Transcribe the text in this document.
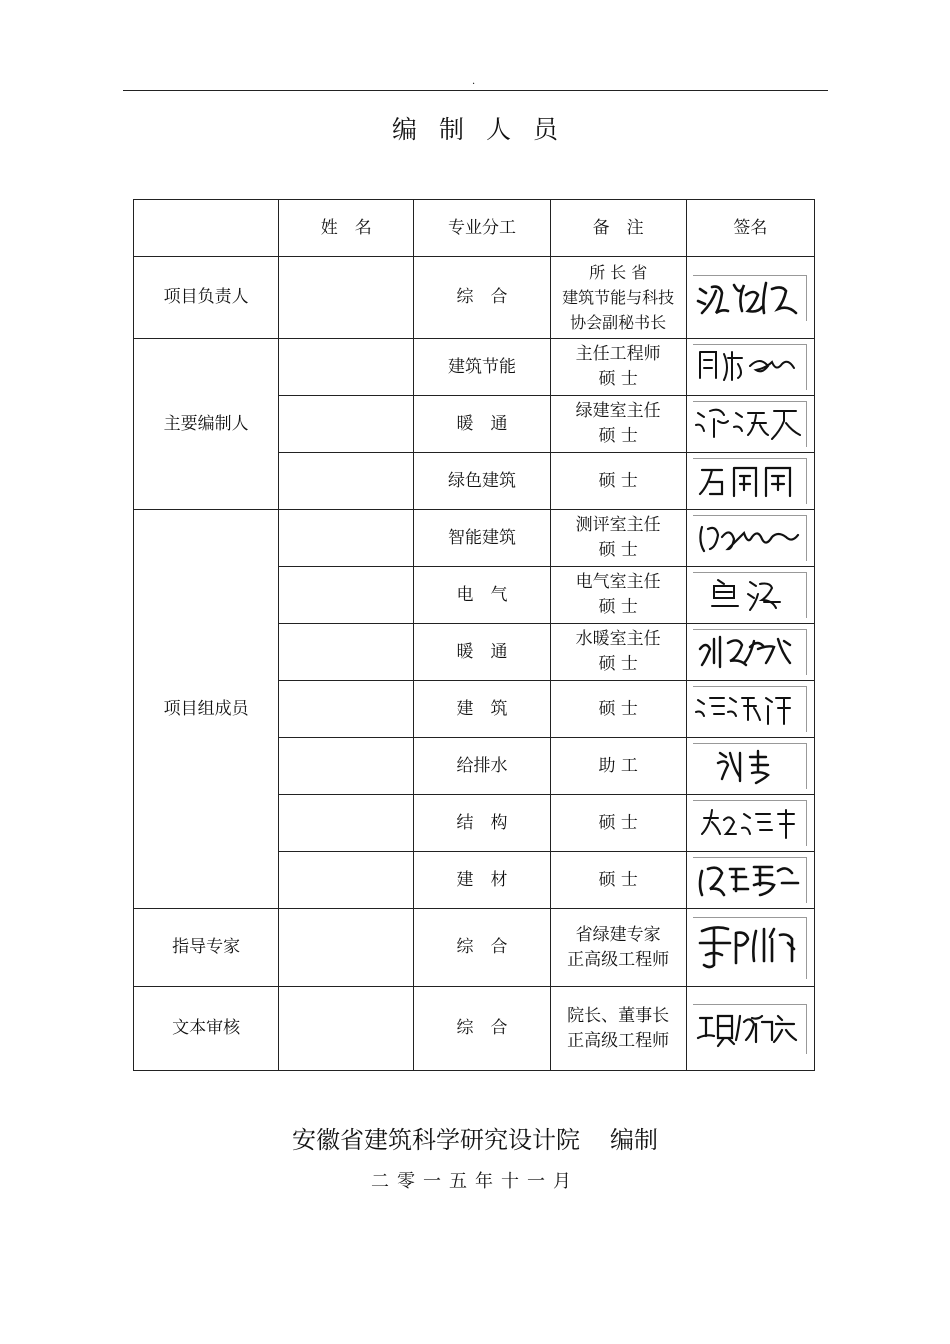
.
编制人员
	姓　名	专业分工	备　注	签名
项目负责人		综　合	所 长 省
建筑节能与科技
协会副秘书长

主要编制人		建筑节能	主任工程师
硕 士

		暖　通	绿建室主任
硕 士

		绿色建筑	硕 士

项目组成员		智能建筑	测评室主任
硕 士

		电　气	电气室主任
硕 士

		暖　通	水暖室主任
硕 士

		建　筑	硕 士

		给排水	助 工

		结　构	硕 士

		建　材	硕 士

指导专家		综　合	省绿建专家
正高级工程师

文本审核		综　合	院长、董事长
正高级工程师

安徽省建筑科学研究设计院 编制
二零一五年十一月
